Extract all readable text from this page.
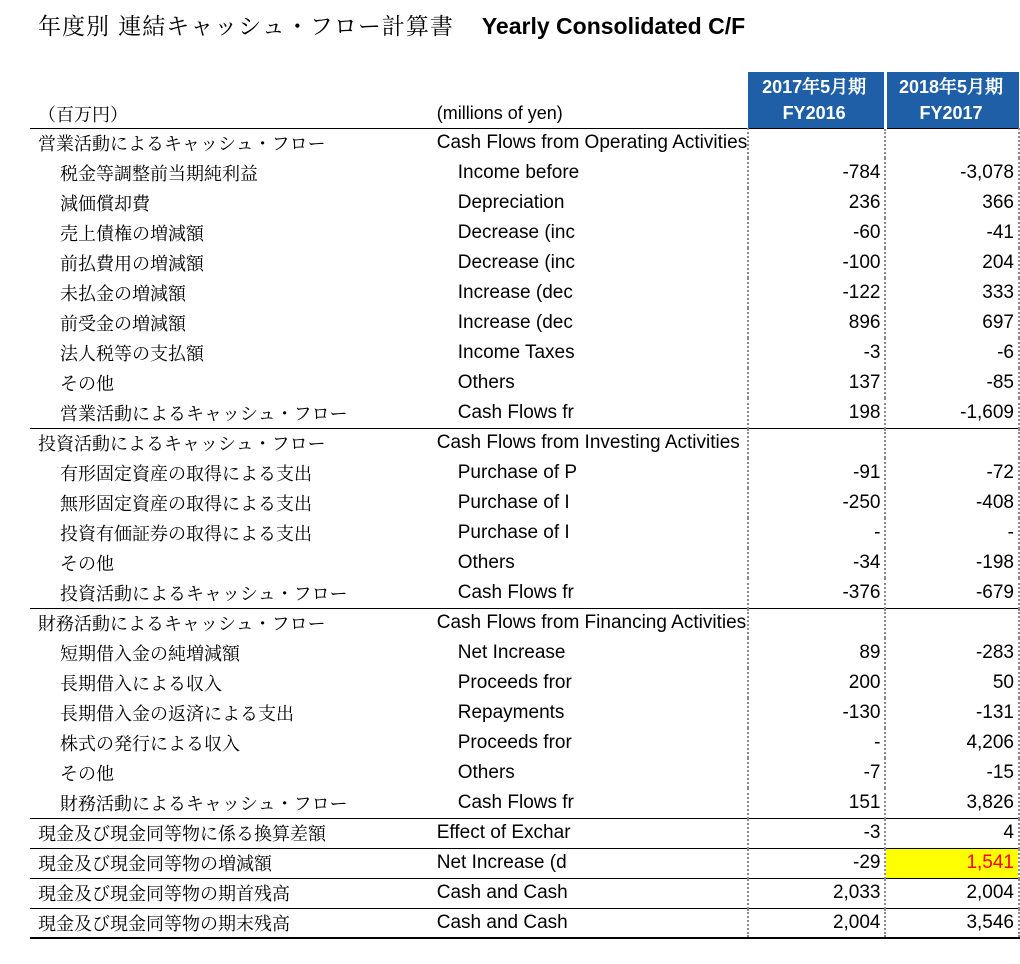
年度別 連結キャッシュ・フロー計算書 Yearly Consolidated C/F
		2017年5月期	2018年5月期
（百万円）	(millions of yen)	FY2016	FY2017
営業活動によるキャッシュ・フロー	Cash Flows from Operating Activities		
税金等調整前当期純利益	Income before	-784	-3,078
減価償却費	Depreciation	236	366
売上債権の増減額	Decrease (inc	-60	-41
前払費用の増減額	Decrease (inc	-100	204
未払金の増減額	Increase (dec	-122	333
前受金の増減額	Increase (dec	896	697
法人税等の支払額	Income Taxes	-3	-6
その他	Others	137	-85
営業活動によるキャッシュ・フロー	Cash Flows fr	198	-1,609
投資活動によるキャッシュ・フロー	Cash Flows from Investing Activities		
有形固定資産の取得による支出	Purchase of P	-91	-72
無形固定資産の取得による支出	Purchase of I	-250	-408
投資有価証券の取得による支出	Purchase of I	-	-
その他	Others	-34	-198
投資活動によるキャッシュ・フロー	Cash Flows fr	-376	-679
財務活動によるキャッシュ・フロー	Cash Flows from Financing Activities		
短期借入金の純増減額	Net Increase	89	-283
長期借入による収入	Proceeds fror	200	50
長期借入金の返済による支出	Repayments	-130	-131
株式の発行による収入	Proceeds fror	-	4,206
その他	Others	-7	-15
財務活動によるキャッシュ・フロー	Cash Flows fr	151	3,826
現金及び現金同等物に係る換算差額	Effect of Exchar	-3	4
現金及び現金同等物の増減額	Net Increase (d	-29	1,541
現金及び現金同等物の期首残高	Cash and Cash	2,033	2,004
現金及び現金同等物の期末残高	Cash and Cash	2,004	3,546
